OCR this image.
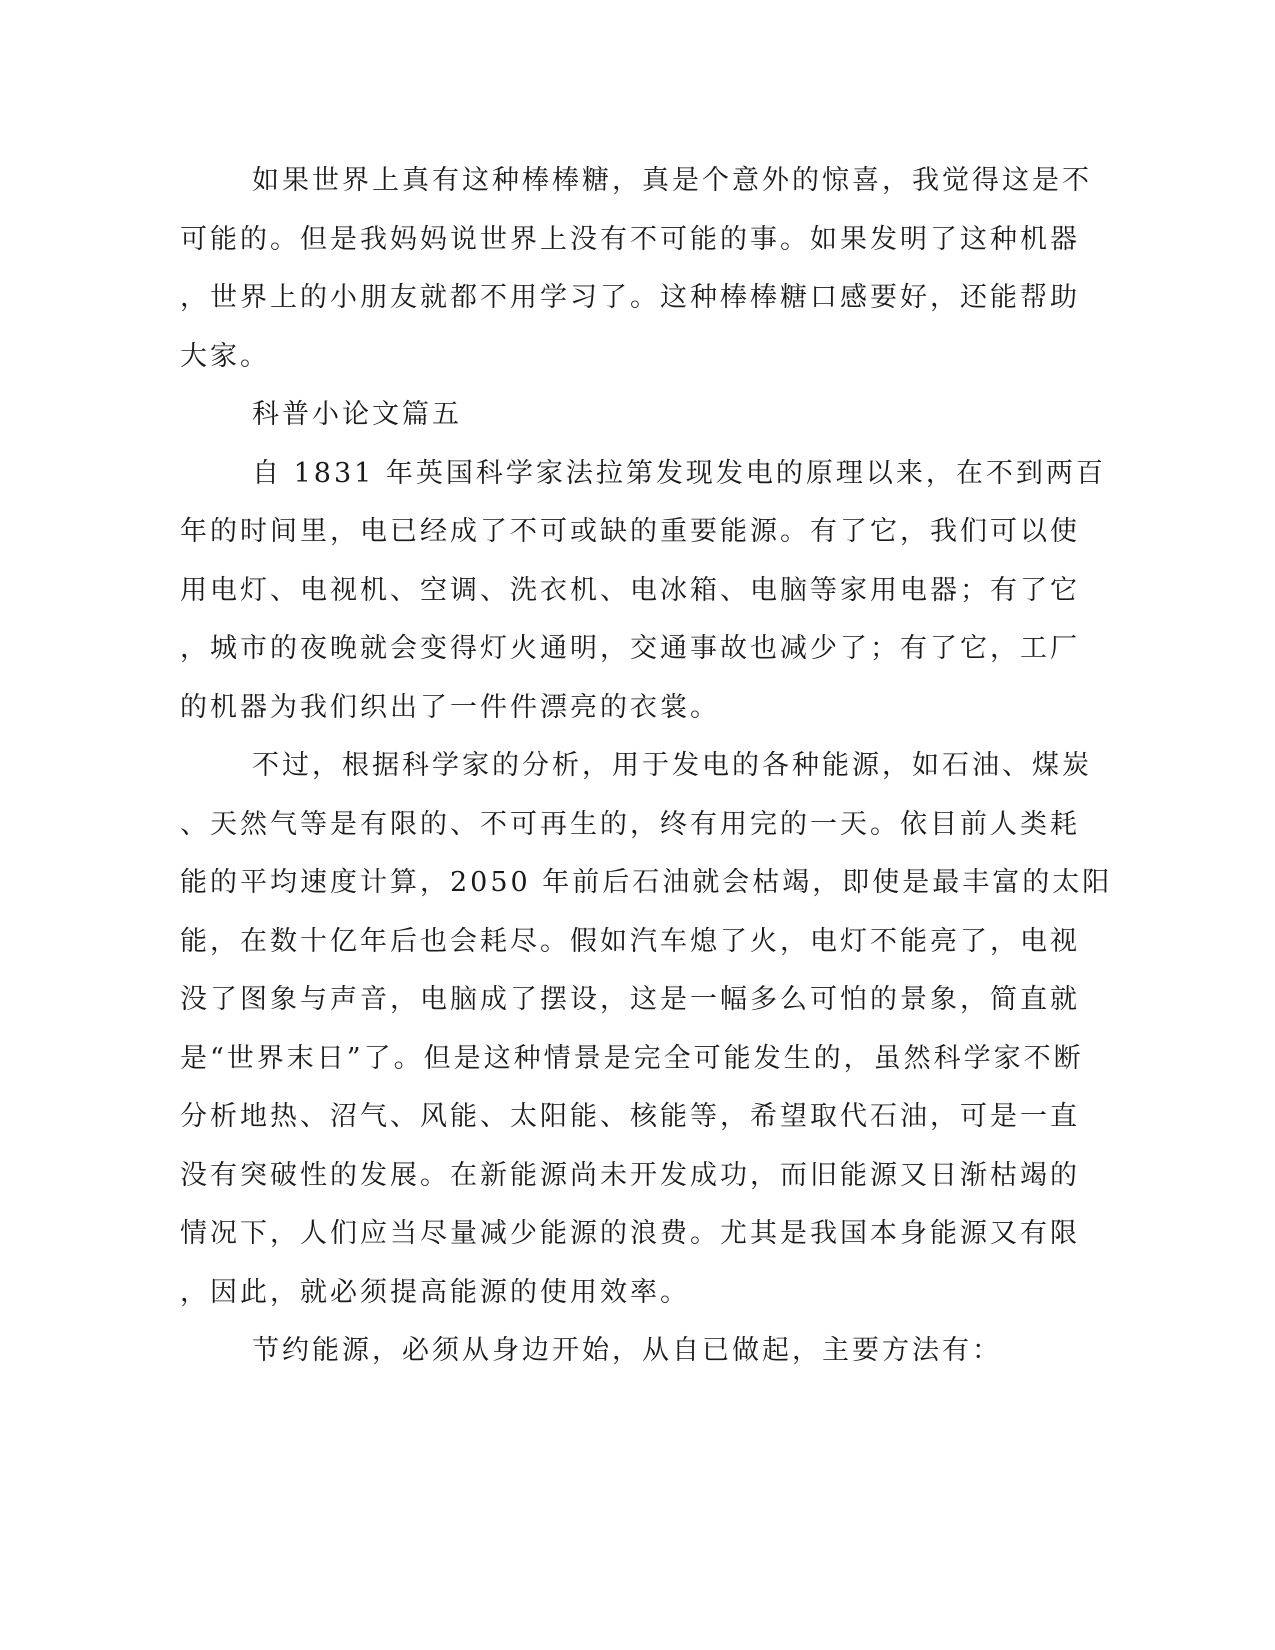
如果世界上真有这种棒棒糖，真是个意外的惊喜，我觉得这是不
可能的。但是我妈妈说世界上没有不可能的事。如果发明了这种机器
，世界上的小朋友就都不用学习了。这种棒棒糖口感要好，还能帮助
大家。
科普小论文篇五
自 1831 年英国科学家法拉第发现发电的原理以来，在不到两百
年的时间里，电已经成了不可或缺的重要能源。有了它，我们可以使
用电灯、电视机、空调、洗衣机、电冰箱、电脑等家用电器；有了它
，城市的夜晚就会变得灯火通明，交通事故也减少了；有了它，工厂
的机器为我们织出了一件件漂亮的衣裳。
不过，根据科学家的分析，用于发电的各种能源，如石油、煤炭
、天然气等是有限的、不可再生的，终有用完的一天。依目前人类耗
能的平均速度计算，2050 年前后石油就会枯竭，即使是最丰富的太阳
能，在数十亿年后也会耗尽。假如汽车熄了火，电灯不能亮了，电视
没了图象与声音，电脑成了摆设，这是一幅多么可怕的景象，简直就
是“世界末日”了。但是这种情景是完全可能发生的，虽然科学家不断
分析地热、沼气、风能、太阳能、核能等，希望取代石油，可是一直
没有突破性的发展。在新能源尚未开发成功，而旧能源又日渐枯竭的
情况下，人们应当尽量减少能源的浪费。尤其是我国本身能源又有限
，因此，就必须提高能源的使用效率。
节约能源，必须从身边开始，从自已做起，主要方法有：
